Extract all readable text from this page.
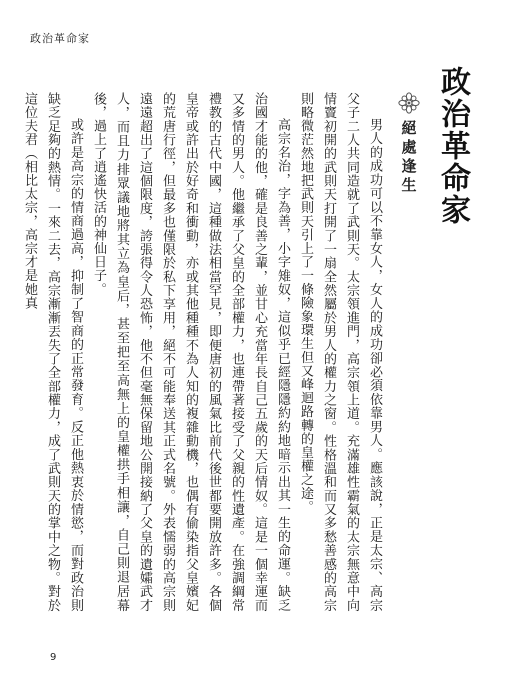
政治革命家
政治革命家
絕處逢生

男人的成功可以不靠女人，女人的成功卻必須依靠男人。應該說，正是太宗、高宗父子二人共同造就了武則天。太宗領進門，高宗領上道。充滿雄性霸氣的太宗無意中向情竇初開的武則天打開了一扇全然屬於男人的權力之窗。性格溫和而又多愁善感的高宗則略微茫然地把武則天引上了一條險象環生但又峰迴路轉的皇權之途。

高宗名治，字為善，小字雉奴，這似乎已經隱隱約約地暗示出其一生的命運。缺乏治國才能的他，確是良善之輩，並甘心充當年長自己五歲的天后情奴。這是一個幸運而又多情的男人。他繼承了父皇的全部權力，也連帶著接受了父親的性遺產。在強調綱常禮教的古代中國，這種做法相當罕見，即便唐初的風氣比前代後世都要開放許多。各個皇帝或許出於好奇和衝動，亦或其他種種不為人知的複雜動機，也偶有偷染指父皇嬪妃的荒唐行徑，但最多也僅限於私下享用，絕不可能奉送其正式名號。外表懦弱的高宗則遠遠超出了這個限度，誇張得令人恐怖，他不但毫無保留地公開接納了父皇的遺孀武才人，而且力排眾議地將其立為皇后，甚至把至高無上的皇權拱手相讓，自己則退居幕後，過上了逍遙快活的神仙日子。

或許是高宗的情商過高，抑制了智商的正常發育。反正他熱衷於情慾，而對政治則缺乏足夠的熱情。一來二去，高宗漸漸丟失了全部權力，成了武則天的掌中之物。對於這位夫君（相比太宗，高宗才是她真

9
